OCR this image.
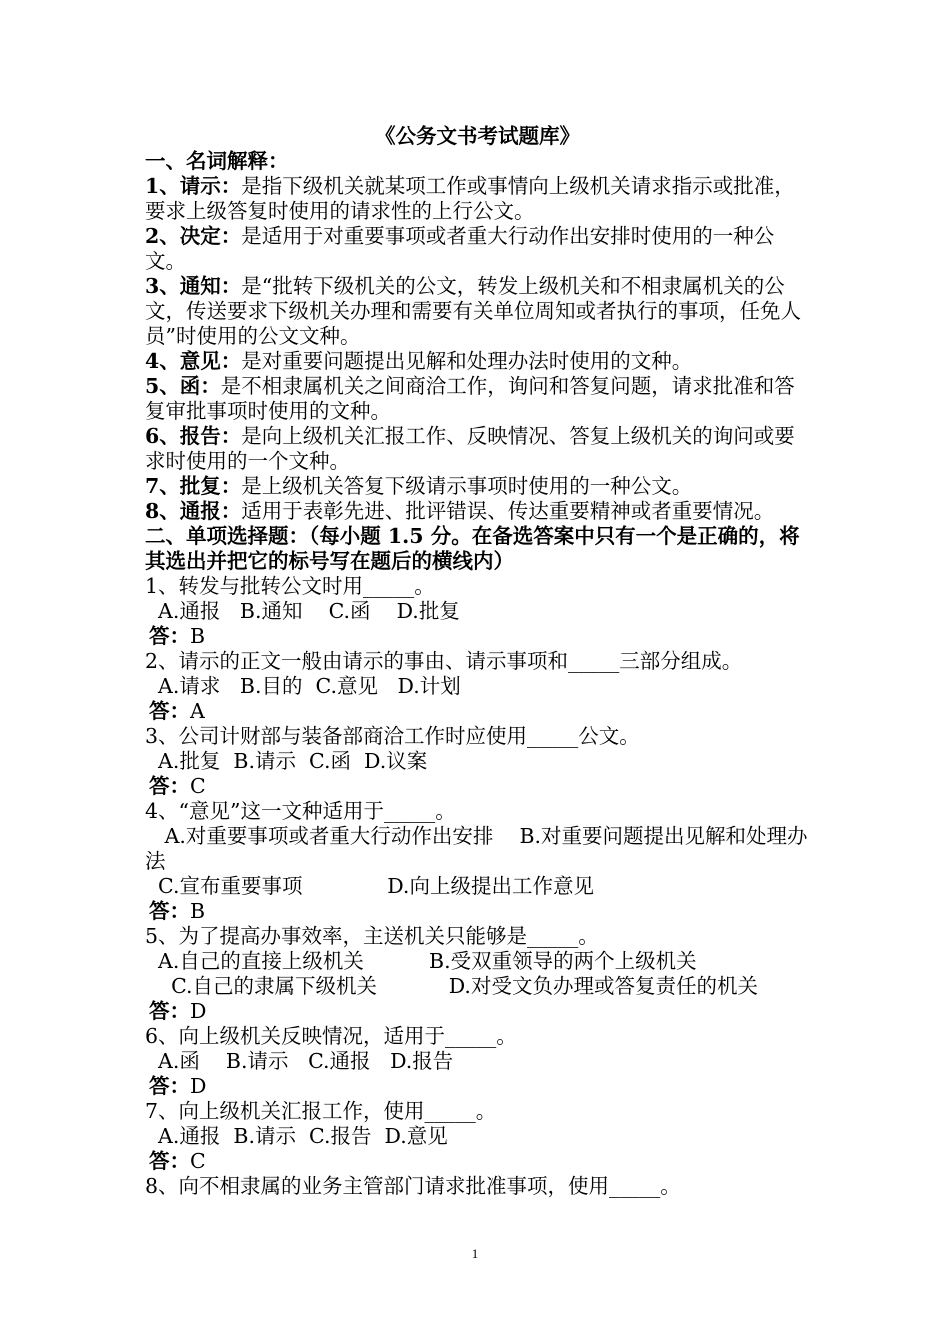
《公务文书考试题库》
一、名词解释：
1、请示：是指下级机关就某项工作或事情向上级机关请求指示或批准，要求上级答复时使用的请求性的上行公文。
2、决定：是适用于对重要事项或者重大行动作出安排时使用的一种公文。
3、通知：是“批转下级机关的公文，转发上级机关和不相隶属机关的公文，传送要求下级机关办理和需要有关单位周知或者执行的事项，任免人员”时使用的公文文种。
4、意见：是对重要问题提出见解和处理办法时使用的文种。
5、函：是不相隶属机关之间商洽工作，询问和答复问题，请求批准和答复审批事项时使用的文种。
6、报告：是向上级机关汇报工作、反映情况、答复上级机关的询问或要求时使用的一个文种。
7、批复：是上级机关答复下级请示事项时使用的一种公文。
8、通报：适用于表彰先进、批评错误、传达重要精神或者重要情况。
二、单项选择题：（每小题 1.5 分。在备选答案中只有一个是正确的，将其选出并把它的标号写在题后的横线内）
1、转发与批转公文时用_____。
A.通报   B.通知    C.函    D.批复
答：B
2、请示的正文一般由请示的事由、请示事项和_____三部分组成。
A.请求   B.目的  C.意见   D.计划
答：A
3、公司计财部与装备部商洽工作时应使用_____公文。
A.批复  B.请示  C.函  D.议案
答：C
4、“意见”这一文种适用于_____。
A.对重要事项或者重大行动作出安排    B.对重要问题提出见解和处理办法
C.宣布重要事项             D.向上级提出工作意见
答：B
5、为了提高办事效率，主送机关只能够是_____。
A.自己的直接上级机关          B.受双重领导的两个上级机关
C.自己的隶属下级机关           D.对受文负办理或答复责任的机关
答：D
6、向上级机关反映情况，适用于_____。
A.函    B.请示   C.通报   D.报告
答：D
7、向上级机关汇报工作，使用_____。
A.通报  B.请示  C.报告  D.意见
答：C
8、向不相隶属的业务主管部门请求批准事项，使用_____。
1
